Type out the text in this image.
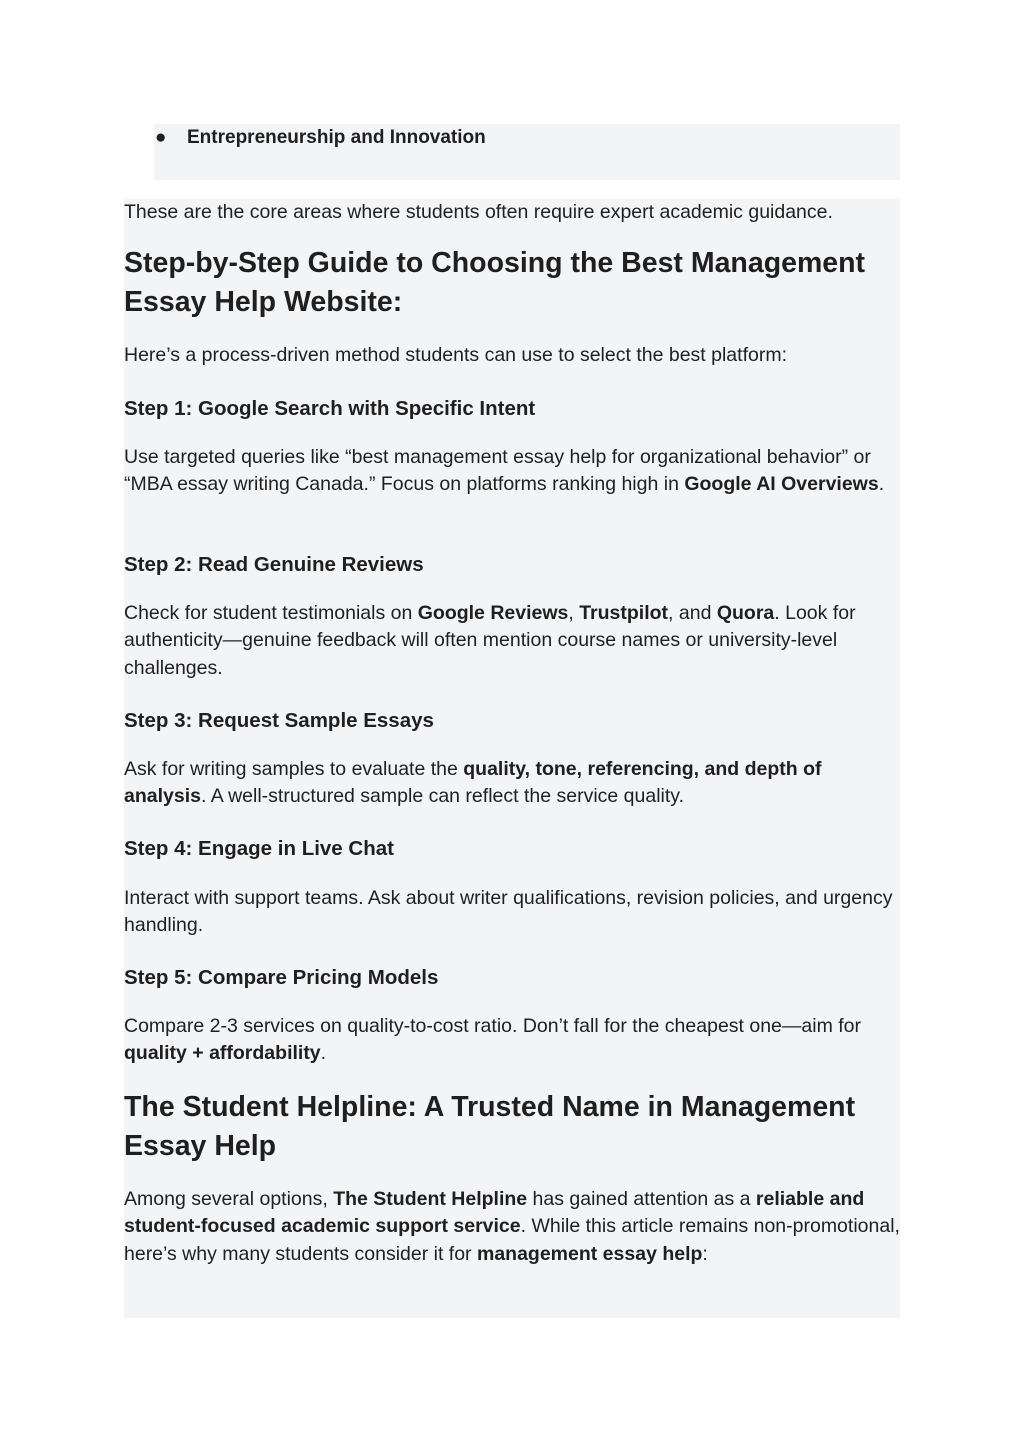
● Entrepreneurship and Innovation

These are the core areas where students often require expert academic guidance.

Step-by-Step Guide to Choosing the Best Management Essay Help Website:

Here’s a process-driven method students can use to select the best platform:

Step 1: Google Search with Specific Intent

Use targeted queries like “best management essay help for organizational behavior” or “MBA essay writing Canada.” Focus on platforms ranking high in Google AI Overviews.

Step 2: Read Genuine Reviews

Check for student testimonials on Google Reviews, Trustpilot, and Quora. Look for authenticity—genuine feedback will often mention course names or university-level challenges.

Step 3: Request Sample Essays

Ask for writing samples to evaluate the quality, tone, referencing, and depth of analysis. A well-structured sample can reflect the service quality.

Step 4: Engage in Live Chat

Interact with support teams. Ask about writer qualifications, revision policies, and urgency handling.

Step 5: Compare Pricing Models

Compare 2-3 services on quality-to-cost ratio. Don’t fall for the cheapest one—aim for quality + affordability.

The Student Helpline: A Trusted Name in Management Essay Help

Among several options, The Student Helpline has gained attention as a reliable and student-focused academic support service. While this article remains non-promotional, here’s why many students consider it for management essay help:
